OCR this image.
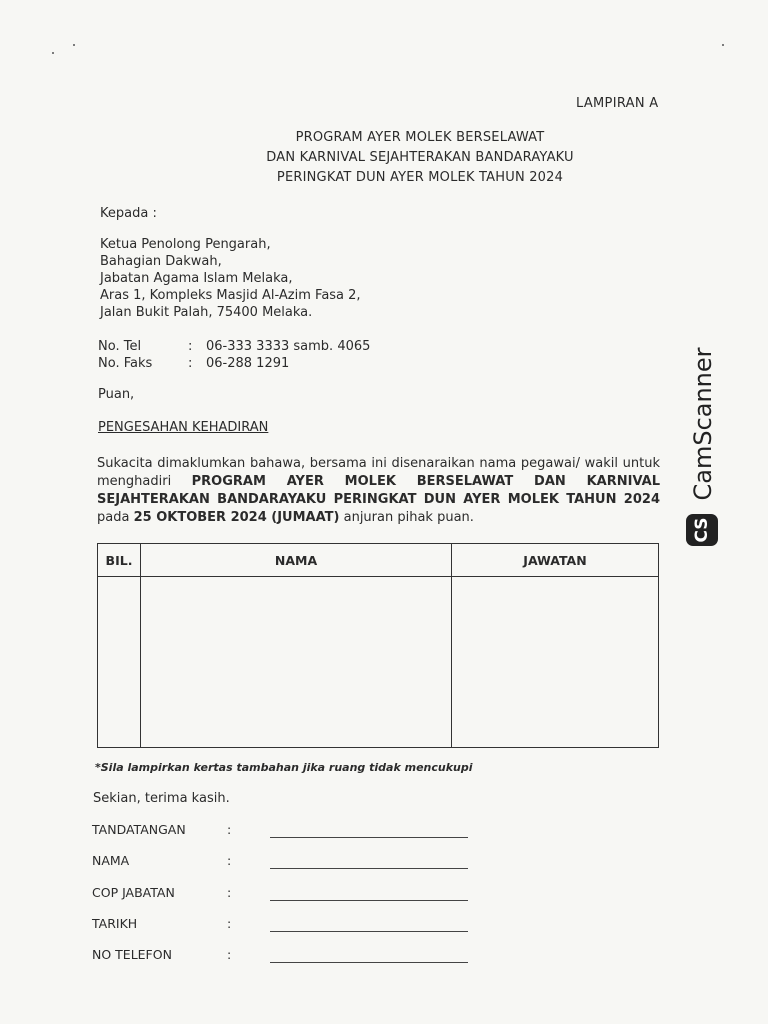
LAMPIRAN A
PROGRAM AYER MOLEK BERSELAWAT
DAN KARNIVAL SEJAHTERAKAN BANDARAYAKU
PERINGKAT DUN AYER MOLEK TAHUN 2024
Kepada :
Ketua Penolong Pengarah,
Bahagian Dakwah,
Jabatan Agama Islam Melaka,
Aras 1, Kompleks Masjid Al-Azim Fasa 2,
Jalan Bukit Palah, 75400 Melaka.
No. Tel	: 06-333 3333 samb. 4065
No. Faks	: 06-288 1291
Puan,
PENGESAHAN KEHADIRAN
Sukacita dimaklumkan bahawa, bersama ini disenaraikan nama pegawai/ wakil untuk menghadiri PROGRAM AYER MOLEK BERSELAWAT DAN KARNIVAL SEJAHTERAKAN BANDARAYAKU PERINGKAT DUN AYER MOLEK TAHUN 2024 pada 25 OKTOBER 2024 (JUMAAT) anjuran pihak puan.
BIL.	NAMA	JAWATAN

*Sila lampirkan kertas tambahan jika ruang tidak mencukupi
Sekian, terima kasih.
TANDATANGAN	:
NAMA	:
COP JABATAN	:
TARIKH	:
NO TELEFON	:
CamScanner
CS
